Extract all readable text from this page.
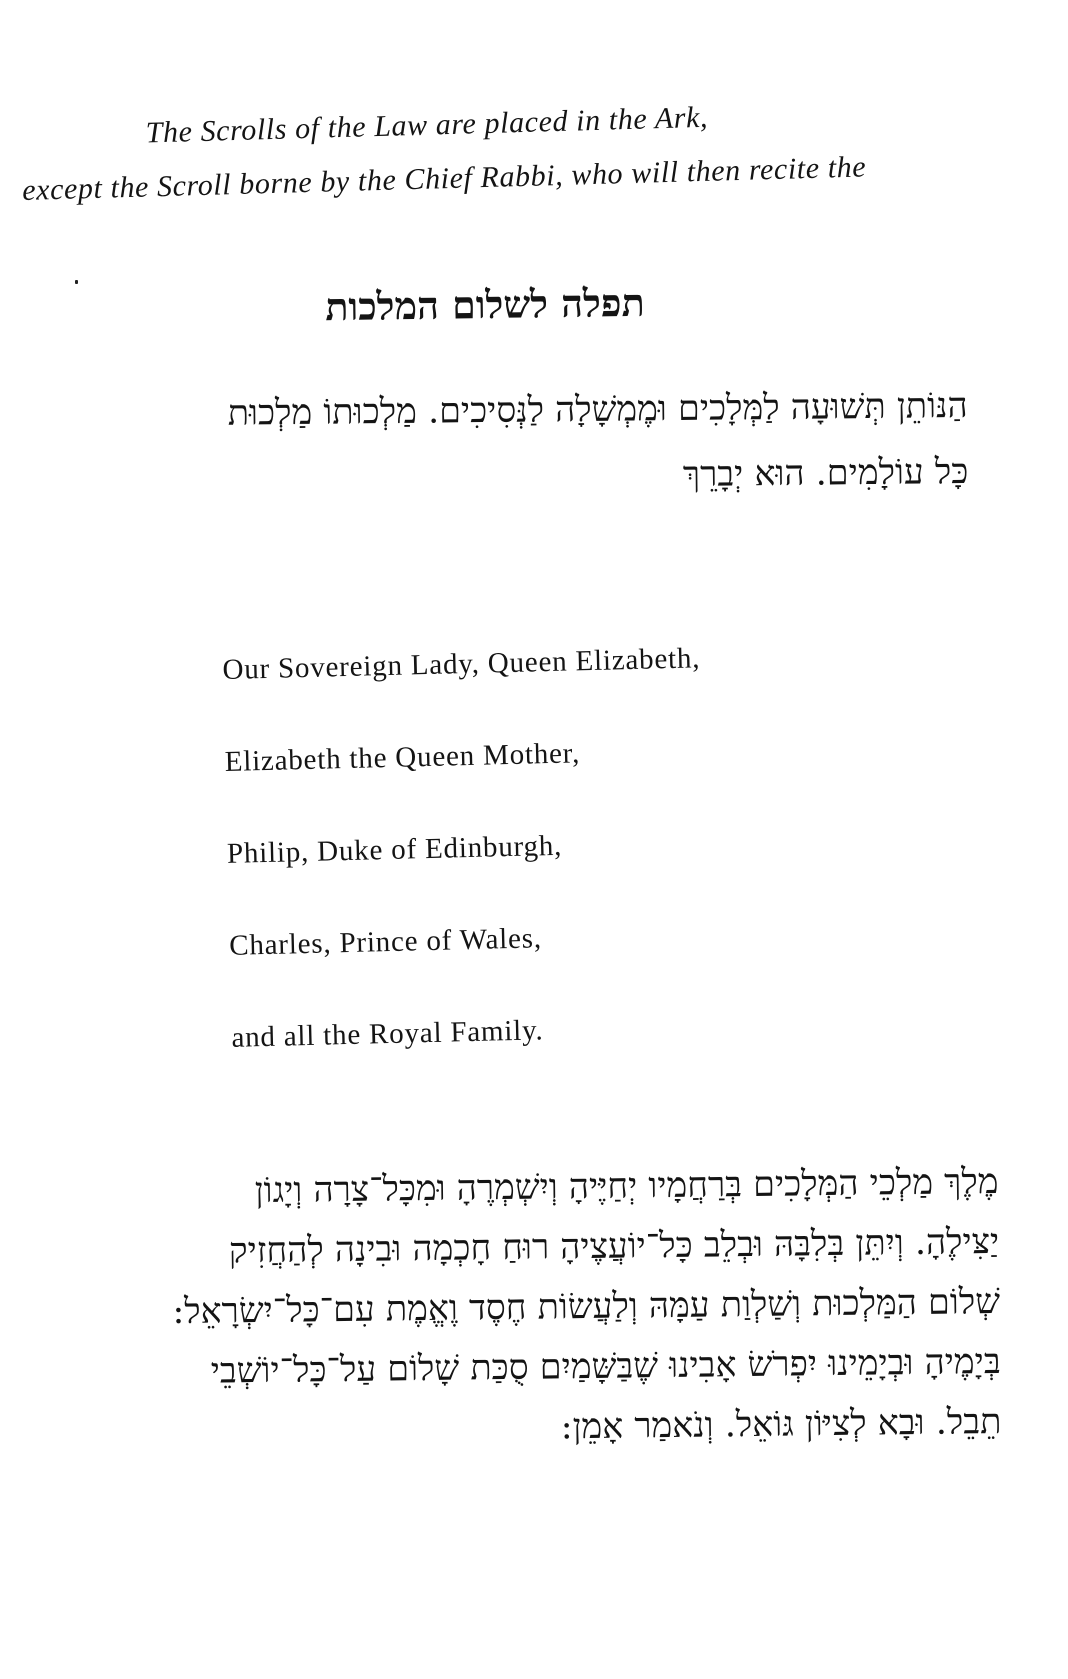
The Scrolls of the Law are placed in the Ark,
except the Scroll borne by the Chief Rabbi, who will then recite the
תפלה לשלום המלכות
הַנּוֹתֵן תְּשׁוּעָה לַמְּלָכִים וּמֶמְשָׁלָה לַנְּסִיכִים. מַלְכוּתוֹ מַלְכוּת
כָּל עוֹלָמִים. הוּא יְבָרֵךְ
Our Sovereign Lady, Queen Elizabeth,
Elizabeth the Queen Mother,
Philip, Duke of Edinburgh,
Charles, Prince of Wales,
and all the Royal Family.
מֶלֶךְ מַלְכֵי הַמְּלָכִים בְּרַחֲמָיו יְחַיֶּיהָ וְיִשְׁמְרֶהָ וּמִכָּל־צָרָה וְיָגוֹן
יַצִּילֶהָ. וְיִתֵּן בְּלִבָּהּ וּבְלֵב כָּל־יוֹעֲצֶיהָ רוּחַ חָכְמָה וּבִינָה לְהַחֲזִיק
שְׁלוֹם הַמַּלְכוּת וְשַׁלְוַת עַמָּהּ וְלַעֲשׂוֹת חֶסֶד וֶאֱמֶת עִם־כָּל־יִשְׂרָאֵל:
בְּיָמֶיהָ וּבְיָמֵינוּ יִפְרֹשׂ אָבִינוּ שֶׁבַּשָּׁמַיִם סֻכַּת שָׁלוֹם עַל־כָּל־יוֹשְׁבֵי
תֵבֵל. וּבָא לְצִיּוֹן גּוֹאֵל. וְנֹאמַר אָמֵן:
